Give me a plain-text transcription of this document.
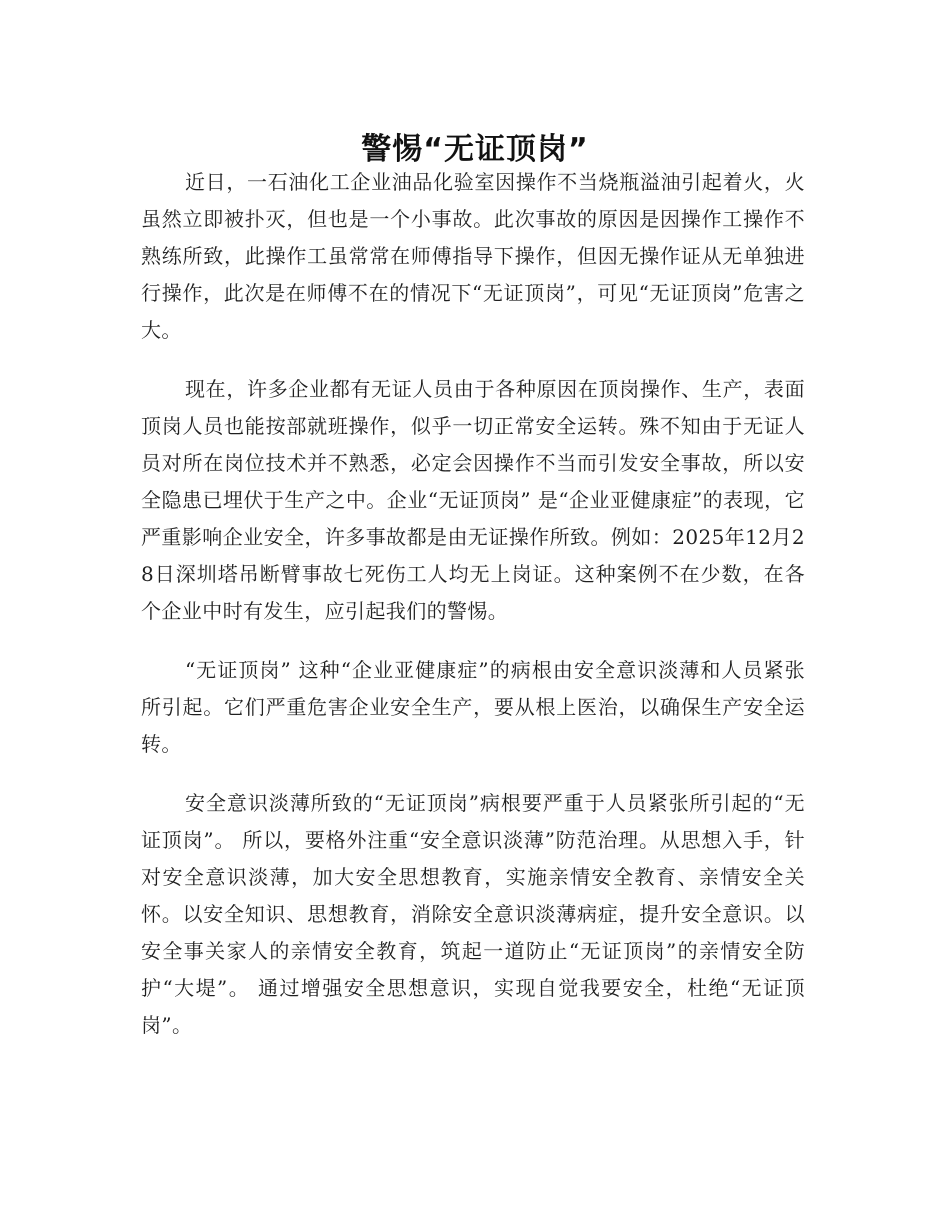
警惕“无证顶岗”

近日，一石油化工企业油品化验室因操作不当烧瓶溢油引起着火，火虽然立即被扑灭，但也是一个小事故。此次事故的原因是因操作工操作不熟练所致，此操作工虽常常在师傅指导下操作，但因无操作证从无单独进行操作，此次是在师傅不在的情况下“无证顶岗”，可见“无证顶岗”危害之大。

现在，许多企业都有无证人员由于各种原因在顶岗操作、生产，表面顶岗人员也能按部就班操作，似乎一切正常安全运转。殊不知由于无证人员对所在岗位技术并不熟悉，必定会因操作不当而引发安全事故，所以安全隐患已埋伏于生产之中。企业“无证顶岗” 是“企业亚健康症”的表现，它严重影响企业安全，许多事故都是由无证操作所致。例如：2025年12月28日深圳塔吊断臂事故七死伤工人均无上岗证。这种案例不在少数，在各个企业中时有发生，应引起我们的警惕。

“无证顶岗” 这种“企业亚健康症”的病根由安全意识淡薄和人员紧张所引起。它们严重危害企业安全生产，要从根上医治，以确保生产安全运转。

安全意识淡薄所致的“无证顶岗”病根要严重于人员紧张所引起的“无证顶岗”。 所以，要格外注重“安全意识淡薄”防范治理。从思想入手，针对安全意识淡薄，加大安全思想教育，实施亲情安全教育、亲情安全关怀。以安全知识、思想教育，消除安全意识淡薄病症，提升安全意识。以安全事关家人的亲情安全教育，筑起一道防止“无证顶岗”的亲情安全防护“大堤”。 通过增强安全思想意识，实现自觉我要安全，杜绝“无证顶岗”。
